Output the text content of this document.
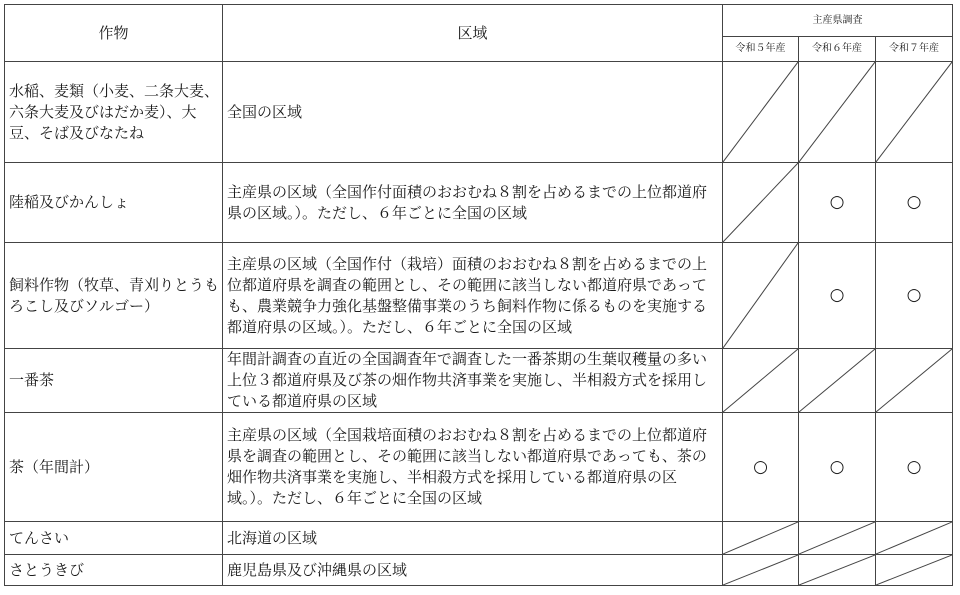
作物	区域	主産県調査		
		令和５年産	令和６年産	令和７年産
水稲、麦類（小麦、二条大麦、六条大麦及びはだか麦）、大豆、そば及びなたね	全国の区域	

陸稲及びかんしょ	主産県の区域（全国作付面積のおおむね８割を占めるまでの上位都道府県の区域。）。ただし、６年ごとに全国の区域		○	○
飼料作物（牧草、青刈りとうもろこし及びソルゴー）	主産県の区域（全国作付（栽培）面積のおおむね８割を占めるまでの上位都道府県を調査の範囲とし、その範囲に該当しない都道府県であっても、農業競争力強化基盤整備事業のうち飼料作物に係るものを実施する都道府県の区域。）。ただし、６年ごとに全国の区域		○	○
一番茶	年間計調査の直近の全国調査年で調査した一番茶期の生葉収穫量の多い上位３都道府県及び茶の畑作物共済事業を実施し、半相殺方式を採用している都道府県の区域	

茶（年間計）	主産県の区域（全国栽培面積のおおむね８割を占めるまでの上位都道府県を調査の範囲とし、その範囲に該当しない都道府県であっても、茶の畑作物共済事業を実施し、半相殺方式を採用している都道府県の区域。）。ただし、６年ごとに全国の区域	○	○	○
てんさい	北海道の区域	

さとうきび	鹿児島県及び沖縄県の区域	
